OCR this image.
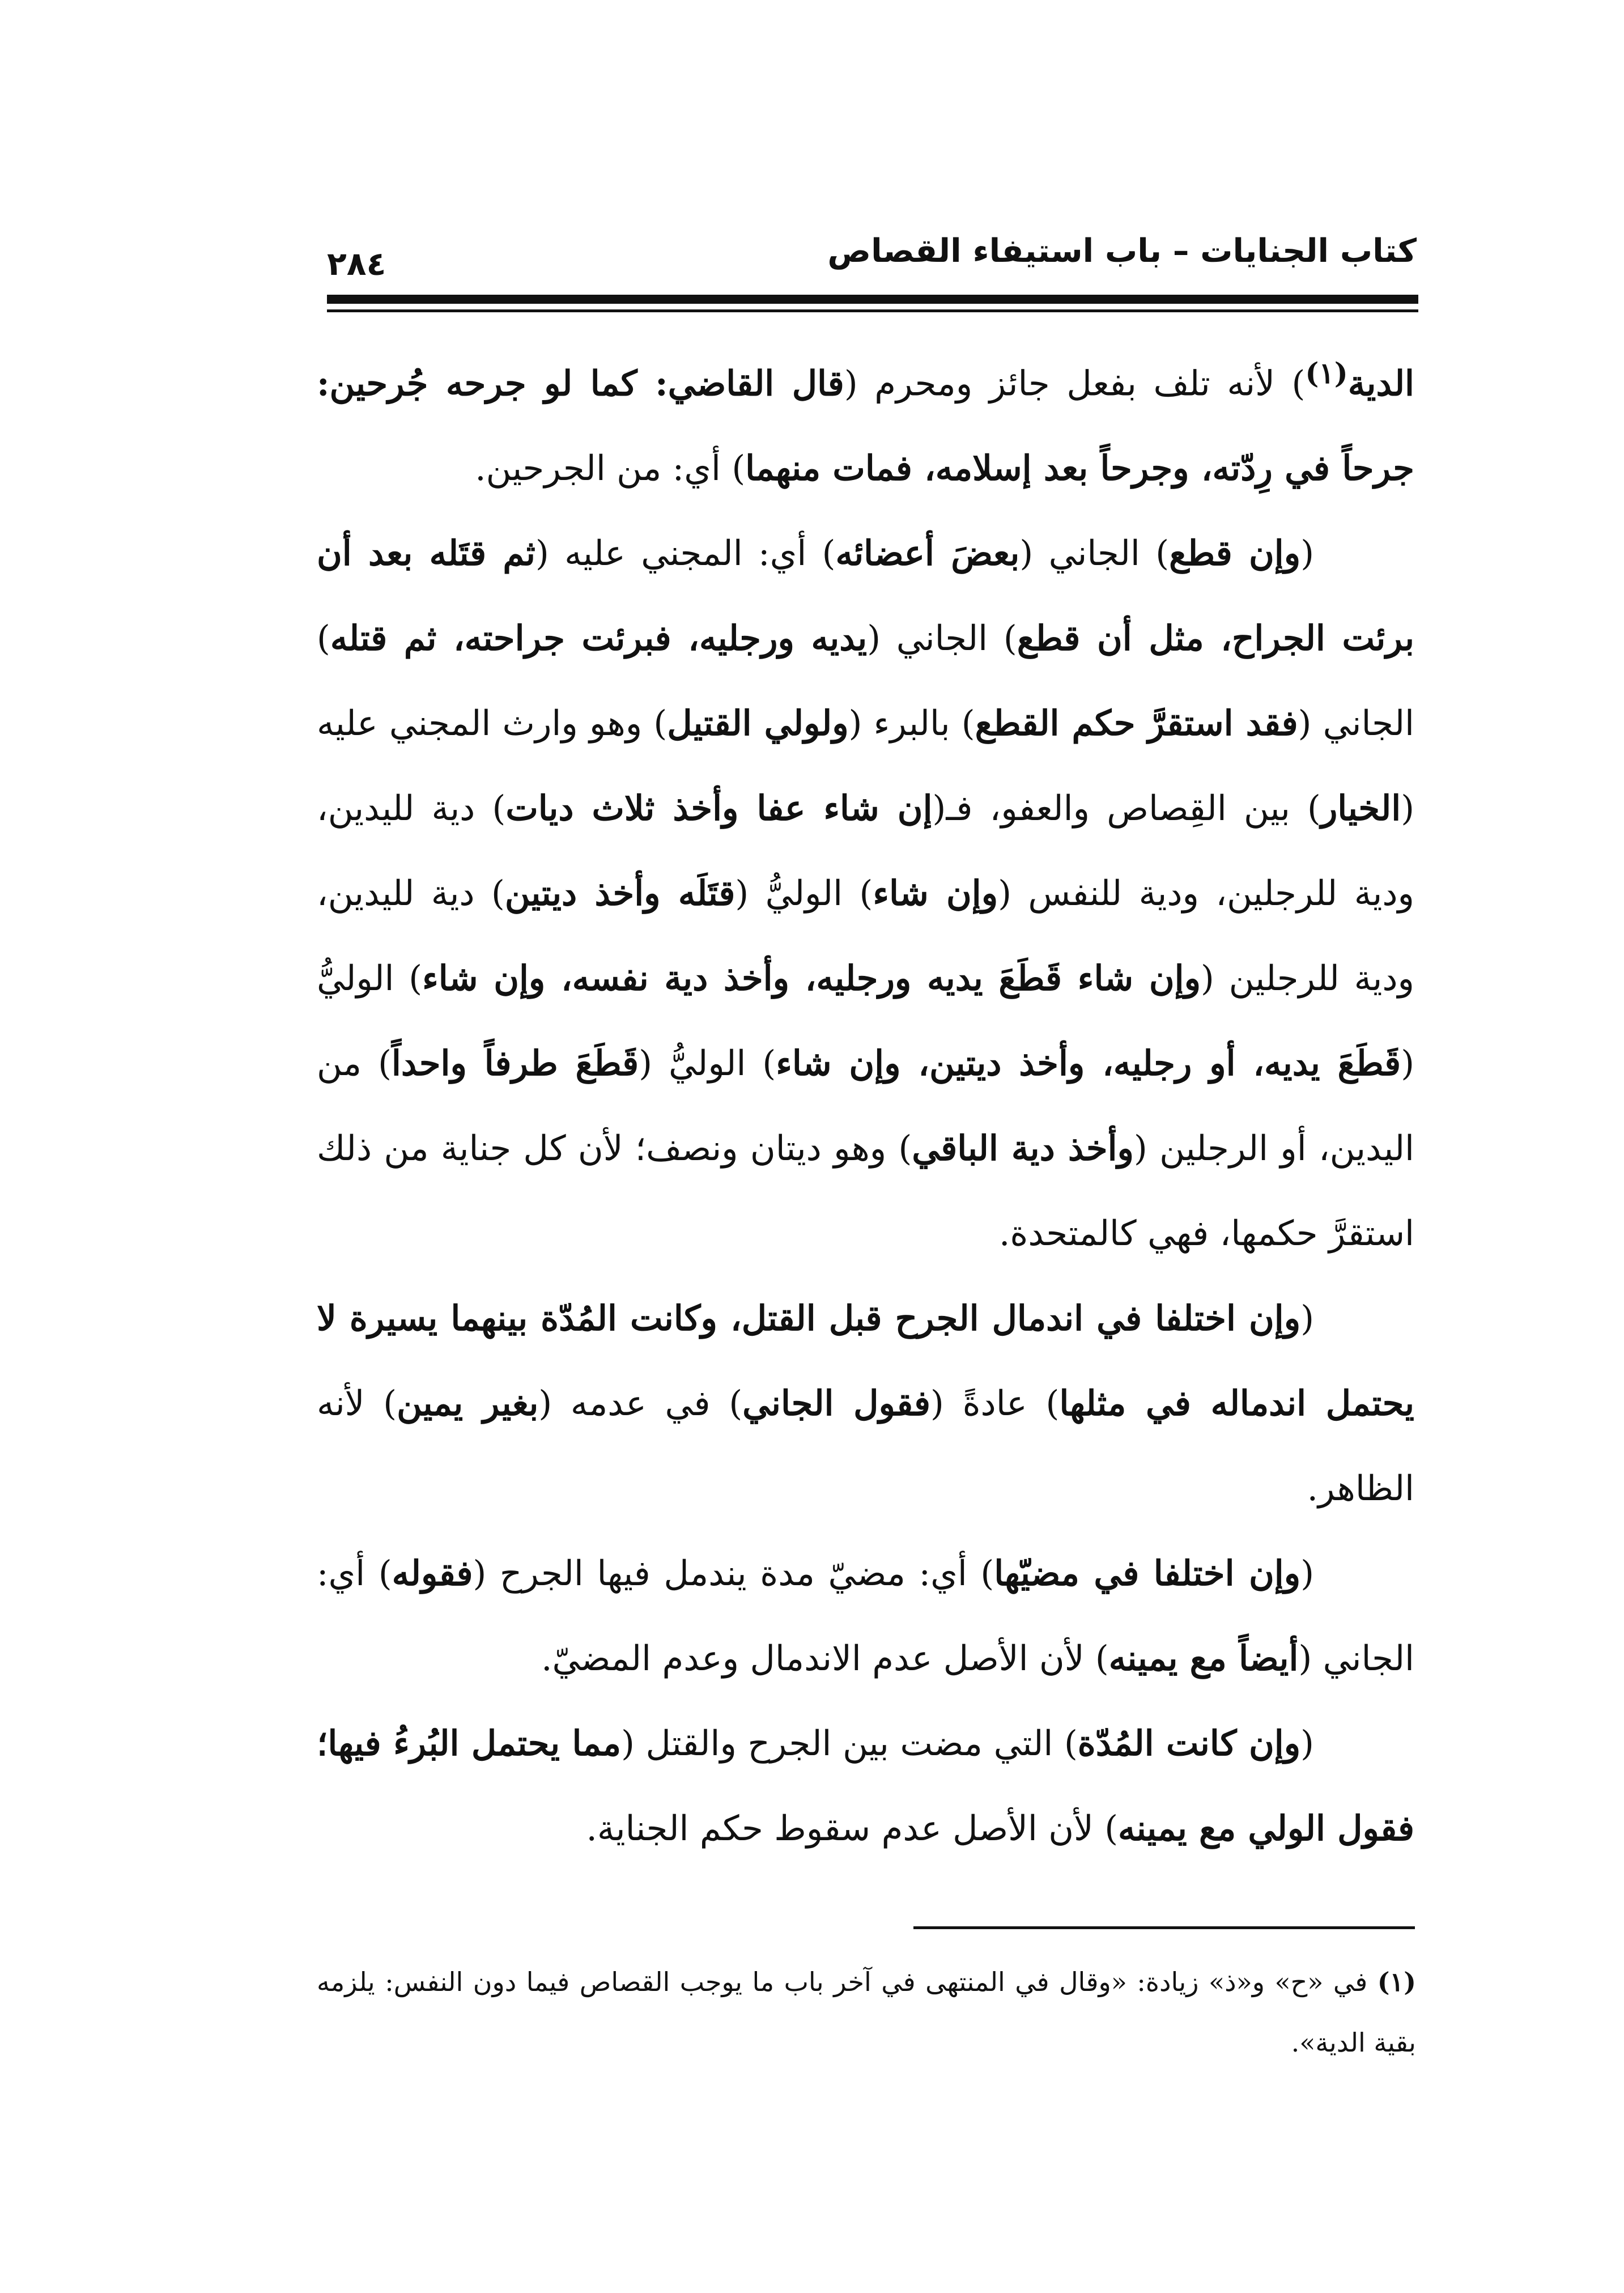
كتاب الجنايات – باب استيفاء القصاص
٢٨٤

الدية$^{(١)}$) لأنه تلف بفعل جائز ومحرم (قال القاضي: كما لو جرحه جُرحين: جرحاً في رِدّته، وجرحاً بعد إسلامه، فمات منهما) أي: من الجرحين.

(وإن قطع) الجاني (بعضَ أعضائه) أي: المجني عليه (ثم قتَله بعد أن برئت الجراح، مثل أن قطع) الجاني (يديه ورجليه، فبرئت جراحته، ثم قتله) الجاني (فقد استقرَّ حكم القطع) بالبرء (ولولي القتيل) وهو وارث المجني عليه (الخيار) بين القِصاص والعفو، فـ(إن شاء عفا وأخذ ثلاث ديات) دية لليدين، ودية للرجلين، ودية للنفس (وإن شاء) الوليُّ (قتَلَه وأخذ ديتين) دية لليدين، ودية للرجلين (وإن شاء قَطَعَ يديه ورجليه، وأخذ دية نفسه، وإن شاء) الوليُّ (قَطَعَ يديه، أو رجليه، وأخذ ديتين، وإن شاء) الوليُّ (قَطَعَ طرفاً واحداً) من اليدين، أو الرجلين (وأخذ دية الباقي) وهو ديتان ونصف؛ لأن كل جناية من ذلك استقرَّ حكمها، فهي كالمتحدة.

(وإن اختلفا في اندمال الجرح قبل القتل، وكانت المُدّة بينهما يسيرة لا يحتمل اندماله في مثلها) عادةً (فقول الجاني) في عدمه (بغير يمين) لأنه الظاهر.

(وإن اختلفا في مضيّها) أي: مضيّ مدة يندمل فيها الجرح (فقوله) أي: الجاني (أيضاً مع يمينه) لأن الأصل عدم الاندمال وعدم المضيّ.

(وإن كانت المُدّة) التي مضت بين الجرح والقتل (مما يحتمل البُرءُ فيها؛ فقول الولي مع يمينه) لأن الأصل عدم سقوط حكم الجناية.

(١) في «ح» و«ذ» زيادة: «وقال في المنتهى في آخر باب ما يوجب القصاص فيما دون النفس: يلزمه بقية الدية».
